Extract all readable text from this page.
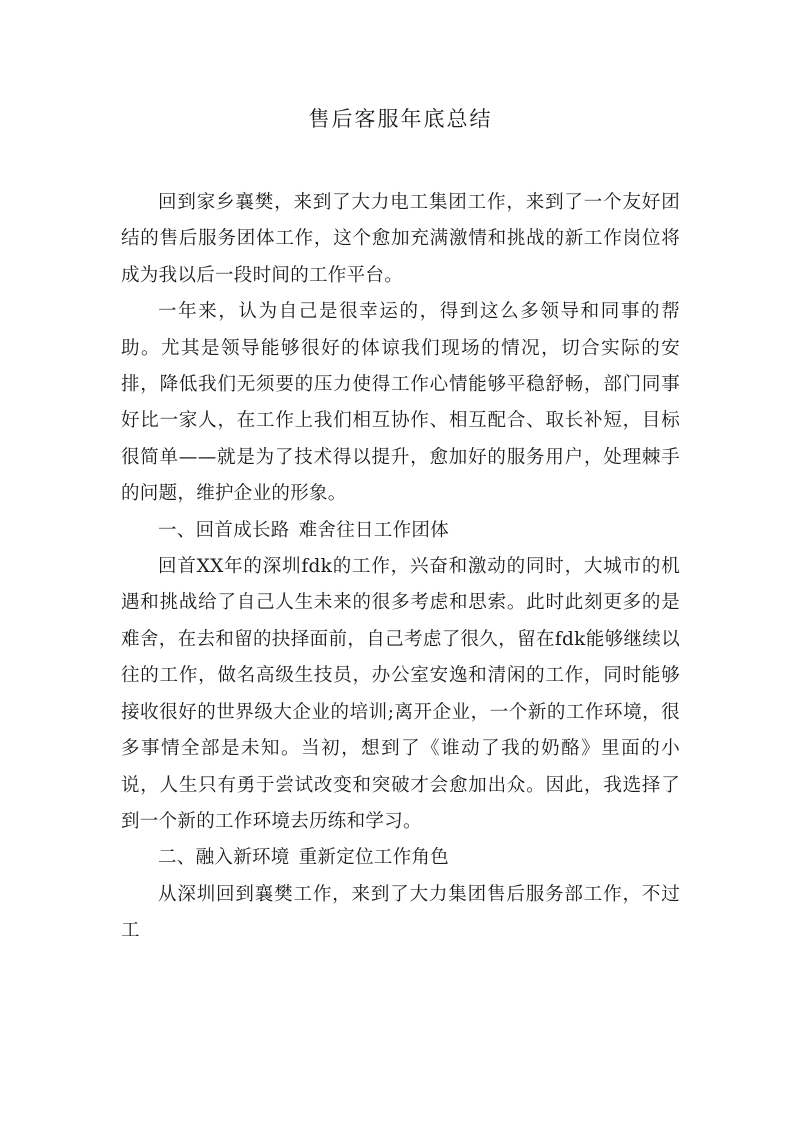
售后客服年底总结

回到家乡襄樊，来到了大力电工集团工作，来到了一个友好团结的售后服务团体工作，这个愈加充满激情和挑战的新工作岗位将成为我以后一段时间的工作平台。

一年来，认为自己是很幸运的，得到这么多领导和同事的帮助。尤其是领导能够很好的体谅我们现场的情况，切合实际的安排，降低我们无须要的压力使得工作心情能够平稳舒畅，部门同事好比一家人，在工作上我们相互协作、相互配合、取长补短，目标很简单——就是为了技术得以提升，愈加好的服务用户，处理棘手的问题，维护企业的形象。

一、回首成长路 难舍往日工作团体

回首XX年的深圳fdk的工作，兴奋和激动的同时，大城市的机遇和挑战给了自己人生未来的很多考虑和思索。此时此刻更多的是难舍，在去和留的抉择面前，自己考虑了很久，留在fdk能够继续以往的工作，做名高级生技员，办公室安逸和清闲的工作，同时能够接收很好的世界级大企业的培训;离开企业，一个新的工作环境，很多事情全部是未知。当初，想到了《谁动了我的奶酪》里面的小说，人生只有勇于尝试改变和突破才会愈加出众。因此，我选择了到一个新的工作环境去历练和学习。

二、融入新环境 重新定位工作角色

从深圳回到襄樊工作，来到了大力集团售后服务部工作，不过工
